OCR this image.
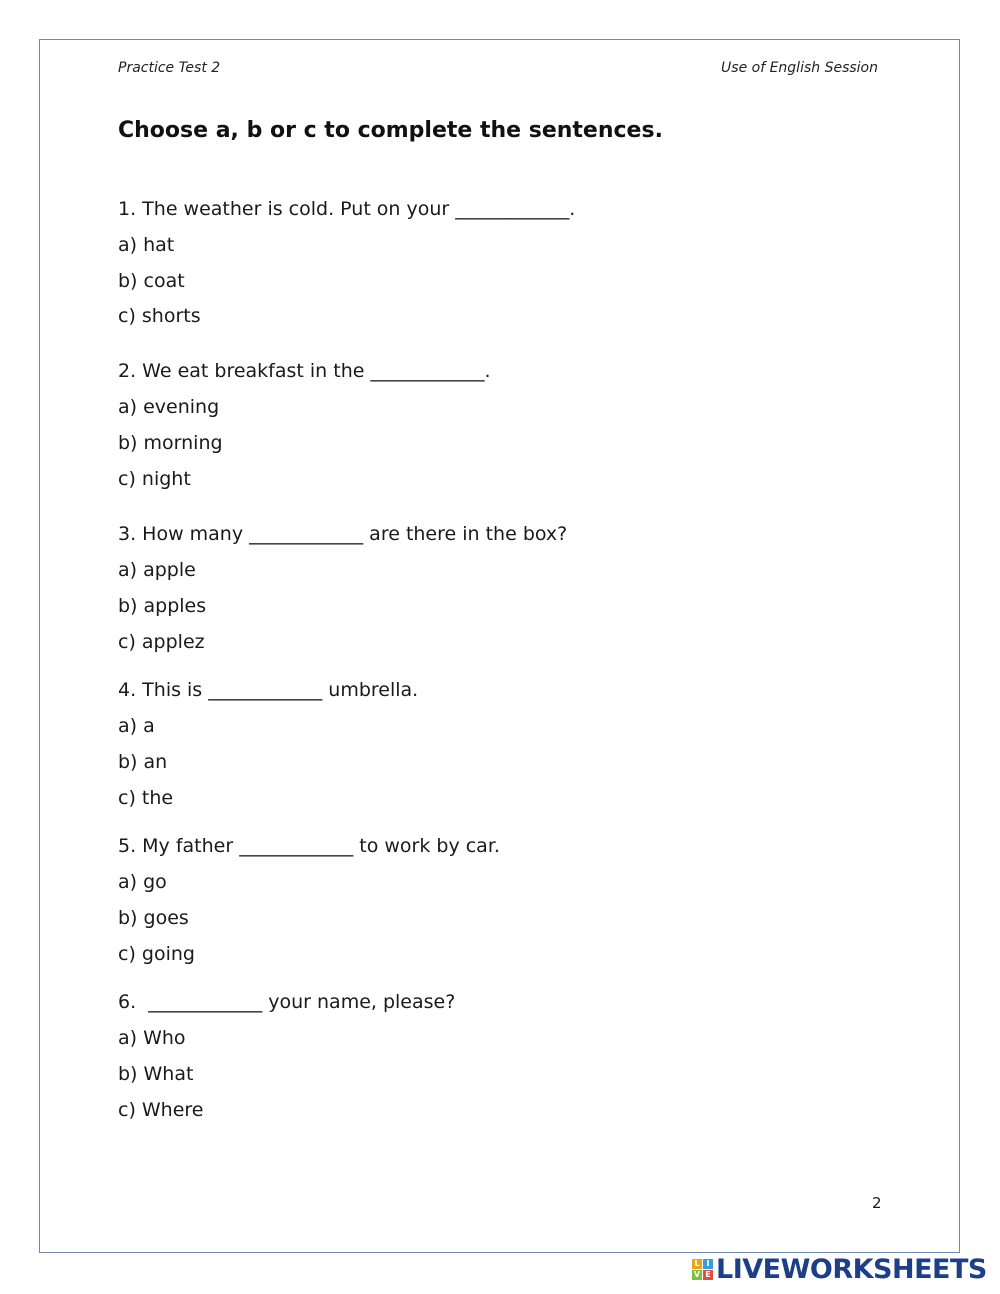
Practice Test 2	Use of English Session
Choose a, b or c to complete the sentences.
1. The weather is cold. Put on your ____________.
a) hat
b) coat
c) shorts
2. We eat breakfast in the ____________.
a) evening
b) morning
c) night
3. How many ____________ are there in the box?
a) apple
b) apples
c) applez
4. This is ____________ umbrella.
a) a
b) an
c) the
5. My father ____________ to work by car.
a) go
b) goes
c) going
6.  ____________ your name, please?
a) Who
b) What
c) Where
2
L I
V E LIVEWORKSHEETS
